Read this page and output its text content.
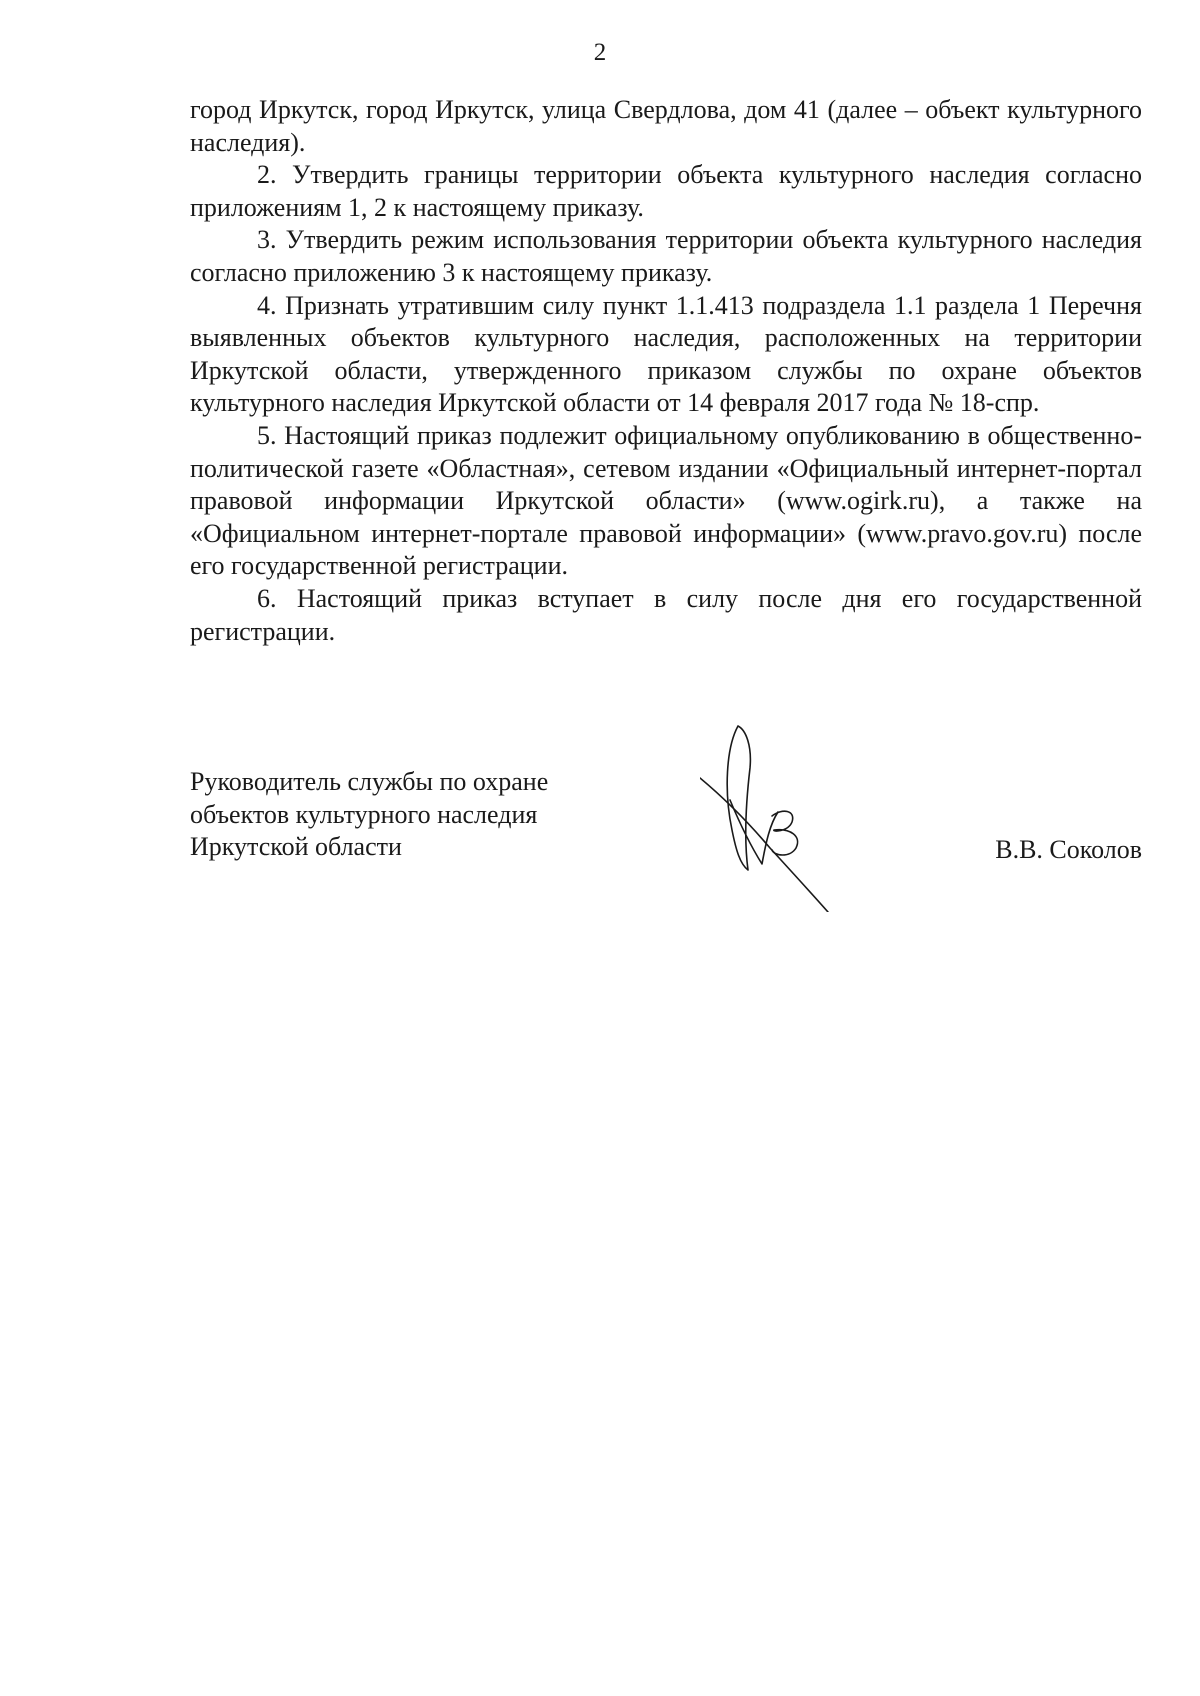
2

город Иркутск, город Иркутск, улица Свердлова, дом 41 (далее – объект культурного наследия).

2. Утвердить границы территории объекта культурного наследия согласно приложениям 1, 2 к настоящему приказу.

3. Утвердить режим использования территории объекта культурного наследия согласно приложению 3 к настоящему приказу.

4. Признать утратившим силу пункт 1.1.413 подраздела 1.1 раздела 1 Перечня выявленных объектов культурного наследия, расположенных на территории Иркутской области, утвержденного приказом службы по охране объектов культурного наследия Иркутской области от 14 февраля 2017 года № 18-спр.

5. Настоящий приказ подлежит официальному опубликованию в общественно-политической газете «Областная», сетевом издании «Официальный интернет-портал правовой информации Иркутской области» (www.ogirk.ru), а также на «Официальном интернет-портале правовой информации» (www.pravo.gov.ru) после его государственной регистрации.

6. Настоящий приказ вступает в силу после дня его государственной регистрации.

Руководитель службы по охране
объектов культурного наследия
Иркутской области	В.В. Соколов
